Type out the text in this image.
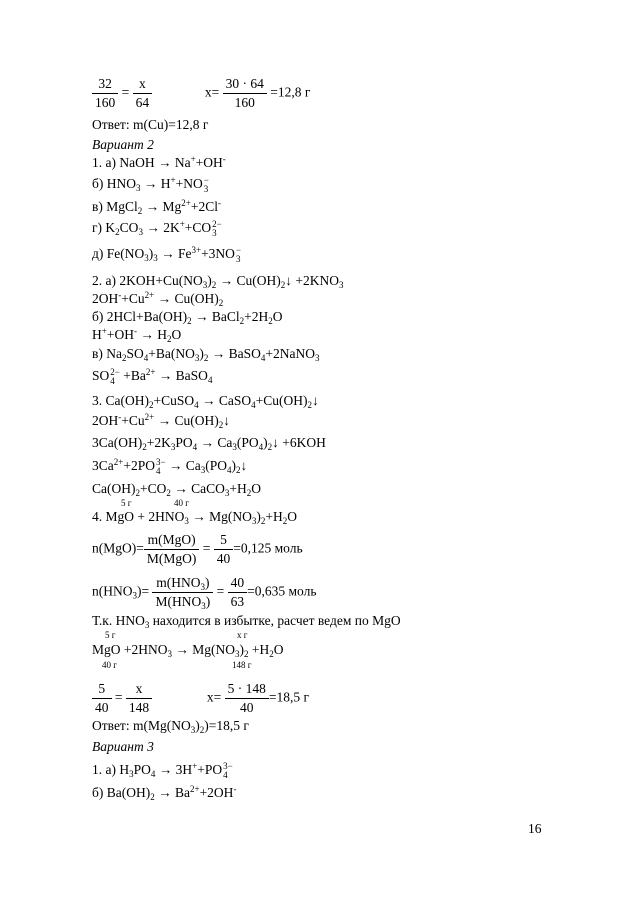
$\frac{32}{160} = \frac{x}{64}$	$x= \frac{30 \cdot 64}{160} =12,8$ г
Ответ: m(Cu)=12,8 г
Вариант 2
1. а) NaOH → Na++OH-
б) $HNO_3 \to H^++NO$ −
3
в) MgCl$_2$ → $Mg^{2+}+2Cl^-$
г) $K_2CO_3 \to 2K^++CO$ 2−
3
д) $Fe(NO_3)_3 \to Fe^{3+}+3NO$ −
3
2. а) $2KOH+Cu(NO_3)_2$ → $Cu(OH)_2↓ +2KNO_3$
$2OH^-+Cu^{2+} \to Cu(OH)_2$
б) $2HCl+Ba(OH)_2$ → $BaCl_2+2H_2O$
$H^++OH^- \to H_2O$
в) $Na_2SO_4+Ba(NO_3)_2$ → BaSO$_4$+2NaNO$_3$
SO 2−
$4 +Ba^{2+}$ → BaSO$_4$
3. $Ca(OH)_2+CuSO_4$ → $CaSO_4+Cu(OH)_2↓$
$2OH^-+Cu^{2+}$ → $Cu(OH)_2↓$
$3Ca(OH)_2+2K_3PO_4$ → $Ca_3(PO_4)_2↓ +6KOH$
$3Ca^{2+}+2PO$ 3−
$4 \to Ca_3(PO_4)_2↓$
$Ca(OH)_2+CO_2$ → $CaCO_3+H_2O$
5 г	40 г
4. MgO + $2HNO_3 \to Mg(NO_3)_2+H_2O$
$n(MgO)= \frac{\text{m(MgO)}}{\text{M(MgO)}} = \frac{5}{40} =0,125$ моль
$n(HNO_3)= \frac{m(HNO_3)}{M(HNO_3)} = \frac{40}{63} =0,635$ моль
Т.к. $HNO_3$ находится в избытке, расчет ведем по MgO
5 г	x г
MgO $+2HNO_3 \to Mg(NO_3)_2 +H_2O$
40 г	148 г
$\frac{5}{40} = \frac{x}{148}$	$x= \frac{5 \cdot 148}{40} =18,5$ г
Ответ: $m(Mg(NO_3)_2)=18,5$ г
Вариант 3
1. а) $H_3PO_4 \to 3H^++PO$ 3−
4
б) $Ba(OH)_2 \to Ba^{2+}+2OH^-$
16
